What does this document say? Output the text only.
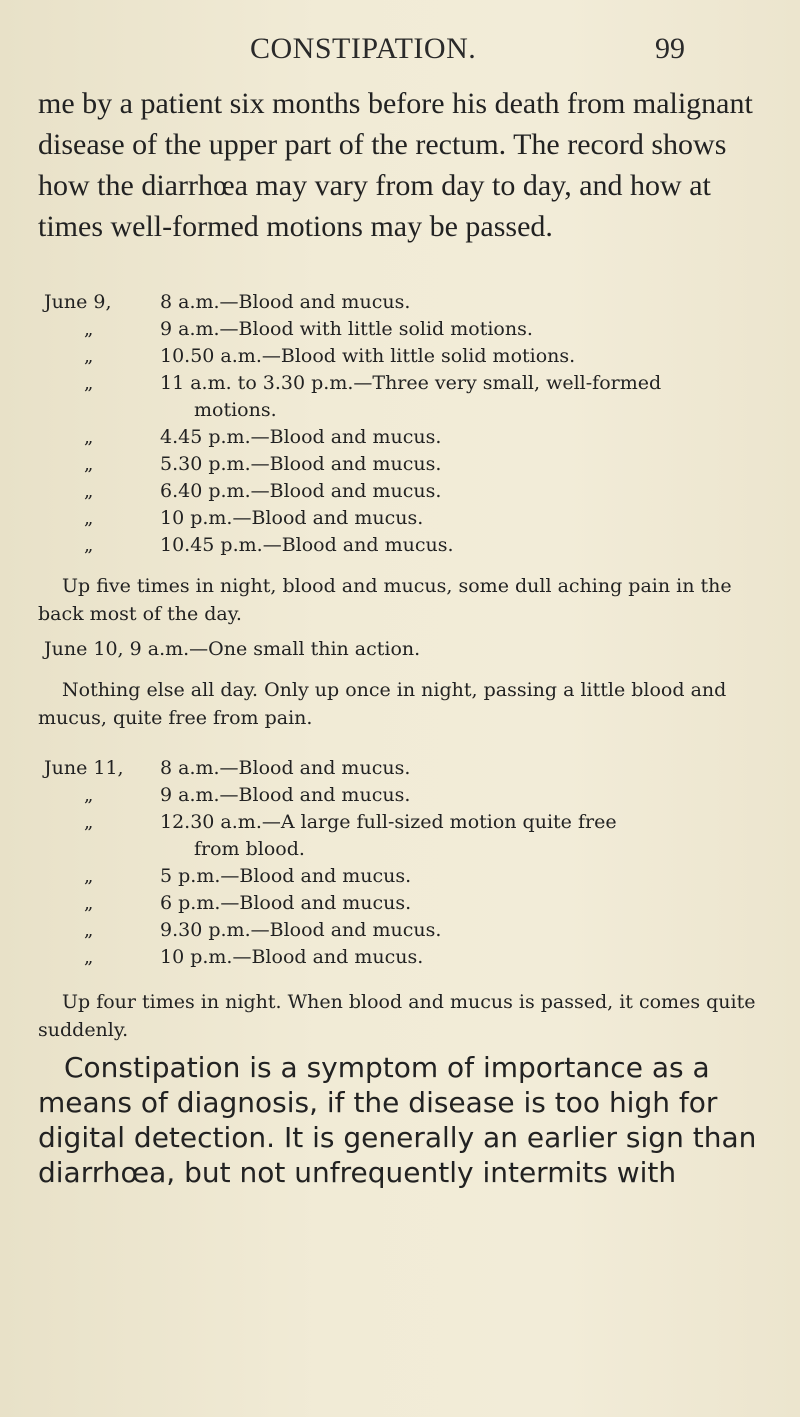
CONSTIPATION.	99

me by a patient six months before his death from malignant disease of the upper part of the rectum. The record shows how the diarrhœa may vary from day to day, and how at times well-formed motions may be passed.

June 9,	8 a.m.—Blood and mucus.
„	9 a.m.—Blood with little solid motions.
„	10.50 a.m.—Blood with little solid motions.
„	11 a.m. to 3.30 p.m.—Three very small, well-formed
motions.
„	4.45 p.m.—Blood and mucus.
„	5.30 p.m.—Blood and mucus.
„	6.40 p.m.—Blood and mucus.
„	10 p.m.—Blood and mucus.
„	10.45 p.m.—Blood and mucus.

Up five times in night, blood and mucus, some dull aching pain in the back most of the day.

June 10, 9 a.m.—One small thin action.

Nothing else all day. Only up once in night, passing a little blood and mucus, quite free from pain.

June 11, 8 a.m.—Blood and mucus.
„	9 a.m.—Blood and mucus.
„	12.30 a.m.—A large full-sized motion quite free
from blood.
„	5 p.m.—Blood and mucus.
„	6 p.m.—Blood and mucus.
„	9.30 p.m.—Blood and mucus.
„	10 p.m.—Blood and mucus.

Up four times in night. When blood and mucus is passed, it comes quite suddenly.

Constipation is a symptom of importance as a means of diagnosis, if the disease is too high for digital detection. It is generally an earlier sign than diarrhœa, but not unfrequently intermits with
